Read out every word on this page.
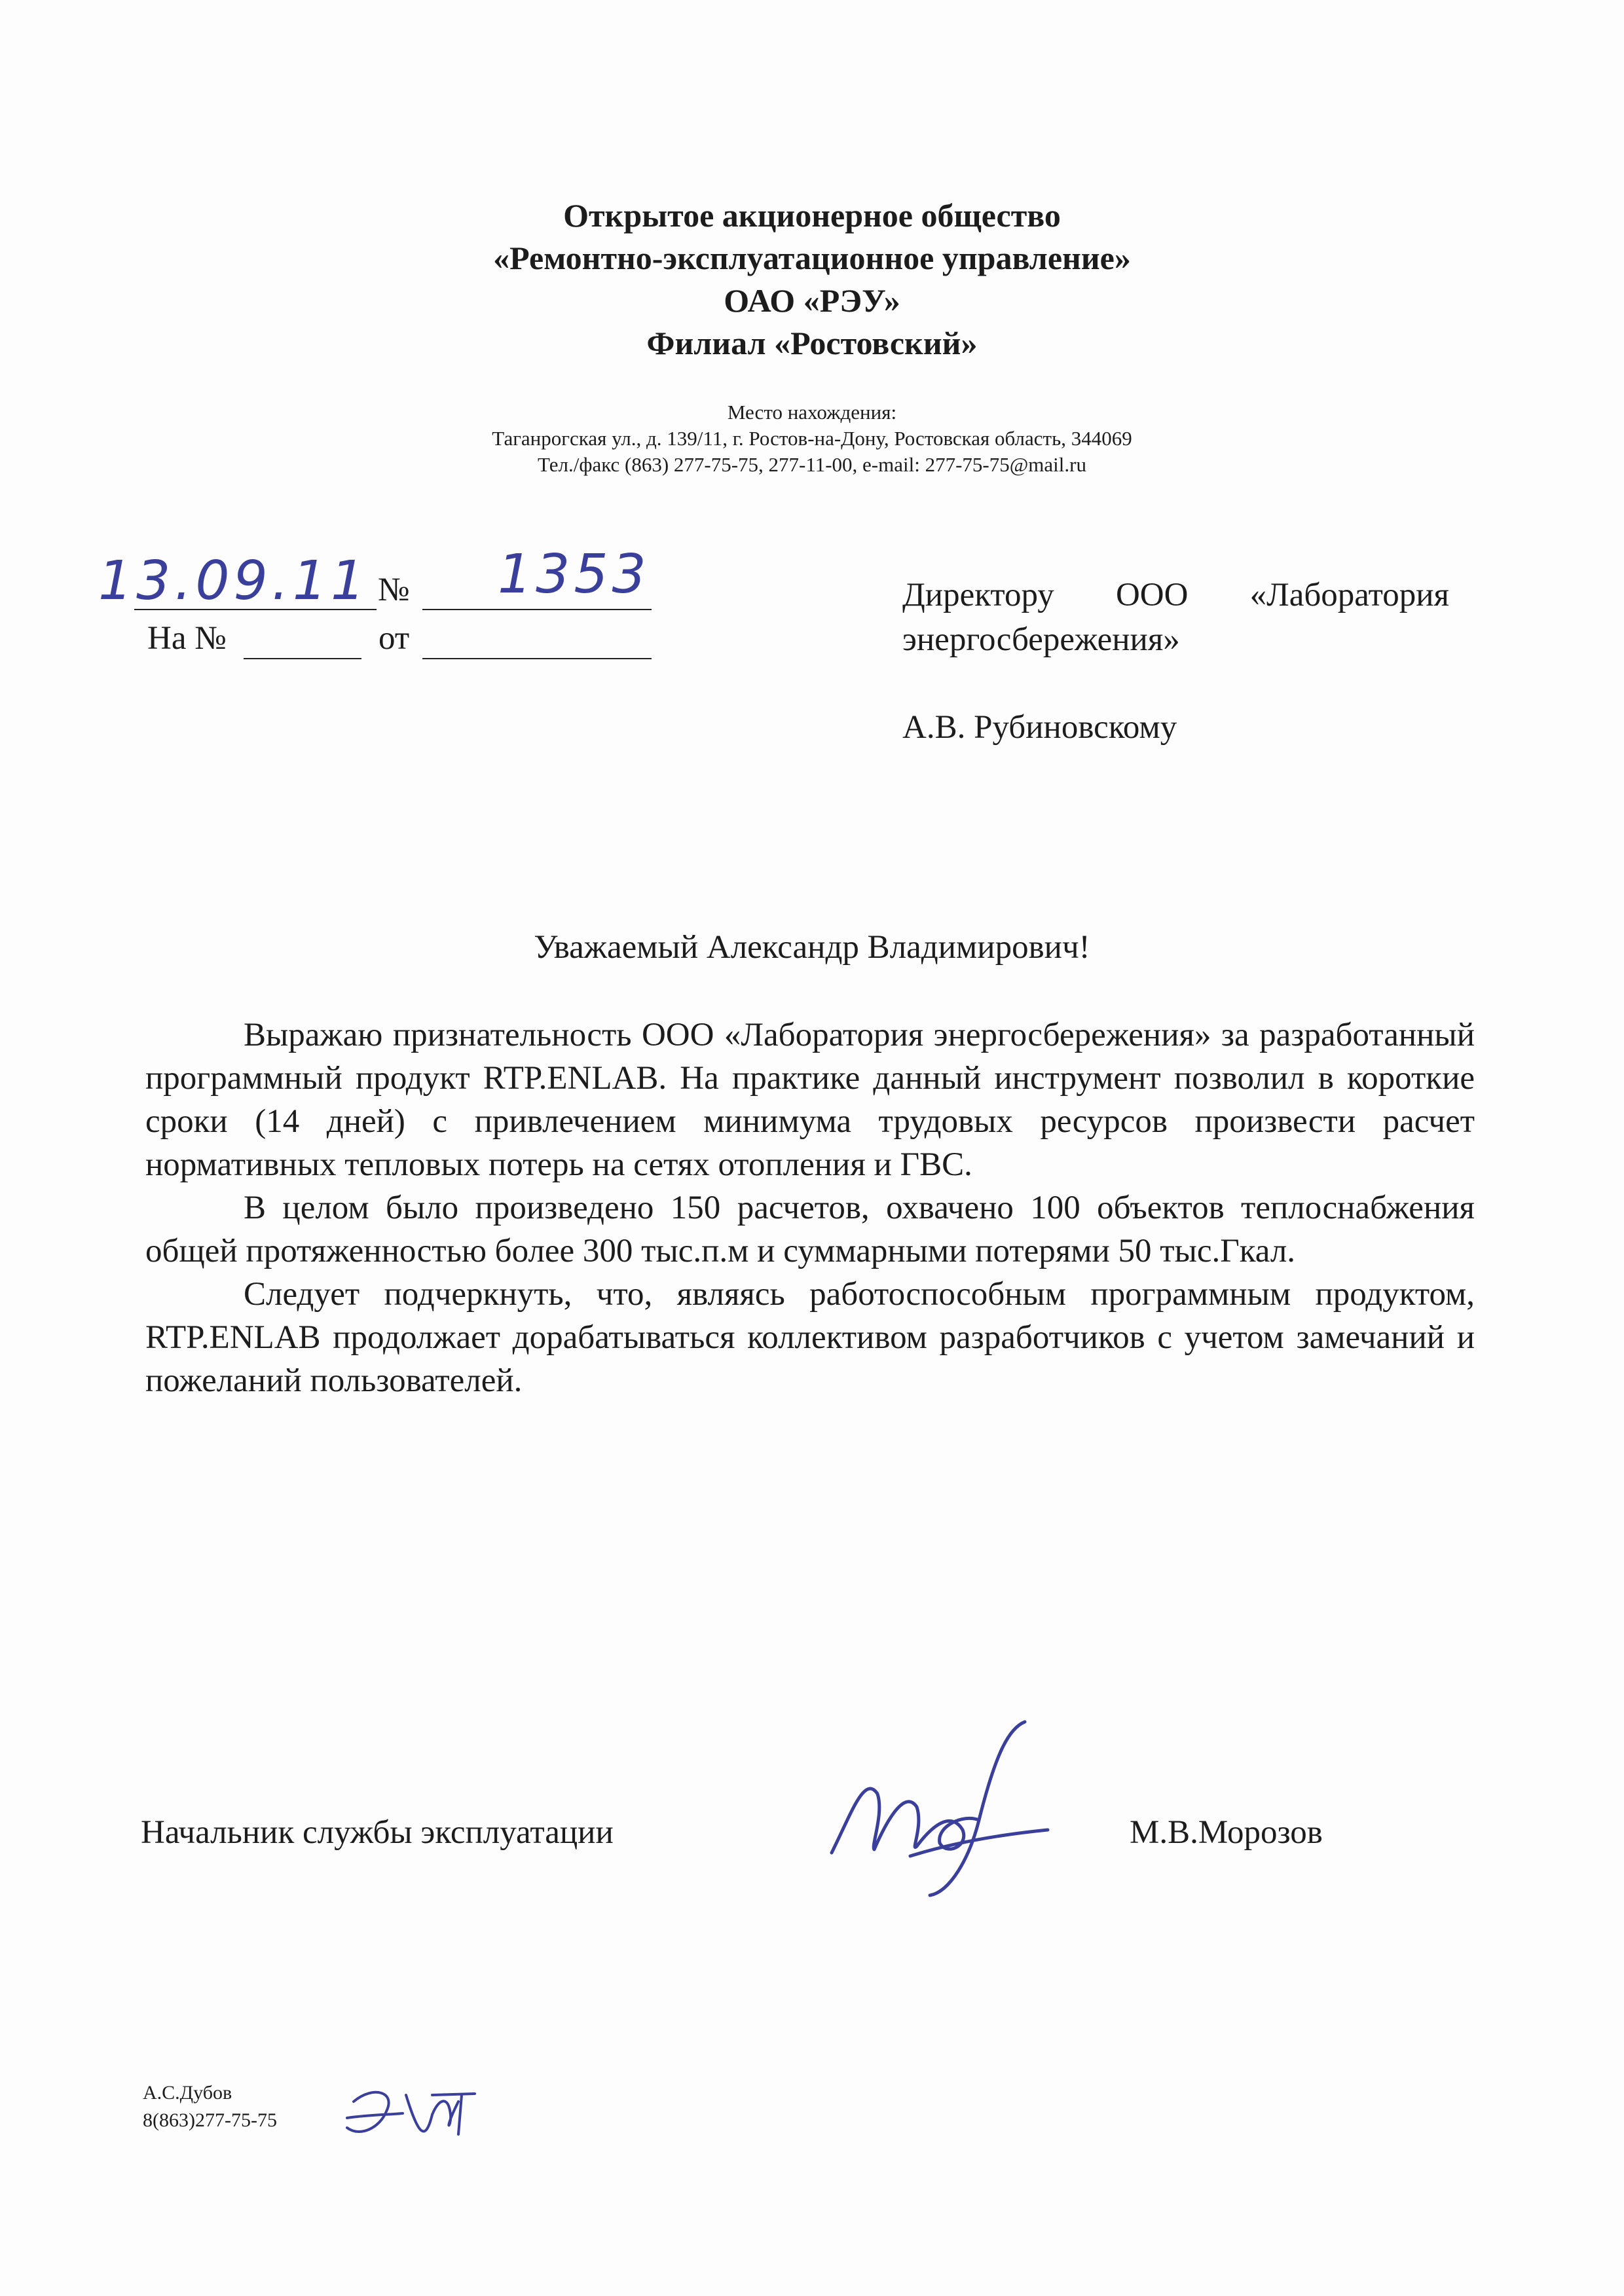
Открытое акционерное общество
«Ремонтно-эксплуатационное управление»
ОАО «РЭУ»
Филиал «Ростовский»
Место нахождения:
Таганрогская ул., д. 139/11, г. Ростов-на-Дону, Ростовская область, 344069
Тел./факс (863) 277-75-75, 277-11-00, e-mail: 277-75-75@mail.ru
13.09.11 № 1353
На №	от
Директору ООО «Лаборатория
энергосбережения»
А.В. Рубиновскому
Уважаемый Александр Владимирович!

Выражаю признательность ООО «Лаборатория энергосбережения» за разработанный программный продукт RTP.ENLAB. На практике данный инструмент позволил в короткие сроки (14 дней) с привлечением минимума трудовых ресурсов произвести расчет нормативных тепловых потерь на сетях отопления и ГВС.

В целом было произведено 150 расчетов, охвачено 100 объектов теплоснабжения общей протяженностью более 300 тыс.п.м и суммарными потерями 50 тыс.Гкал.

Следует подчеркнуть, что, являясь работоспособным программным продуктом, RTP.ENLAB продолжает дорабатываться коллективом разработчиков с учетом замечаний и пожеланий пользователей.

Начальник службы эксплуатации	М.В.Морозов
А.С.Дубов
8(863)277-75-75
